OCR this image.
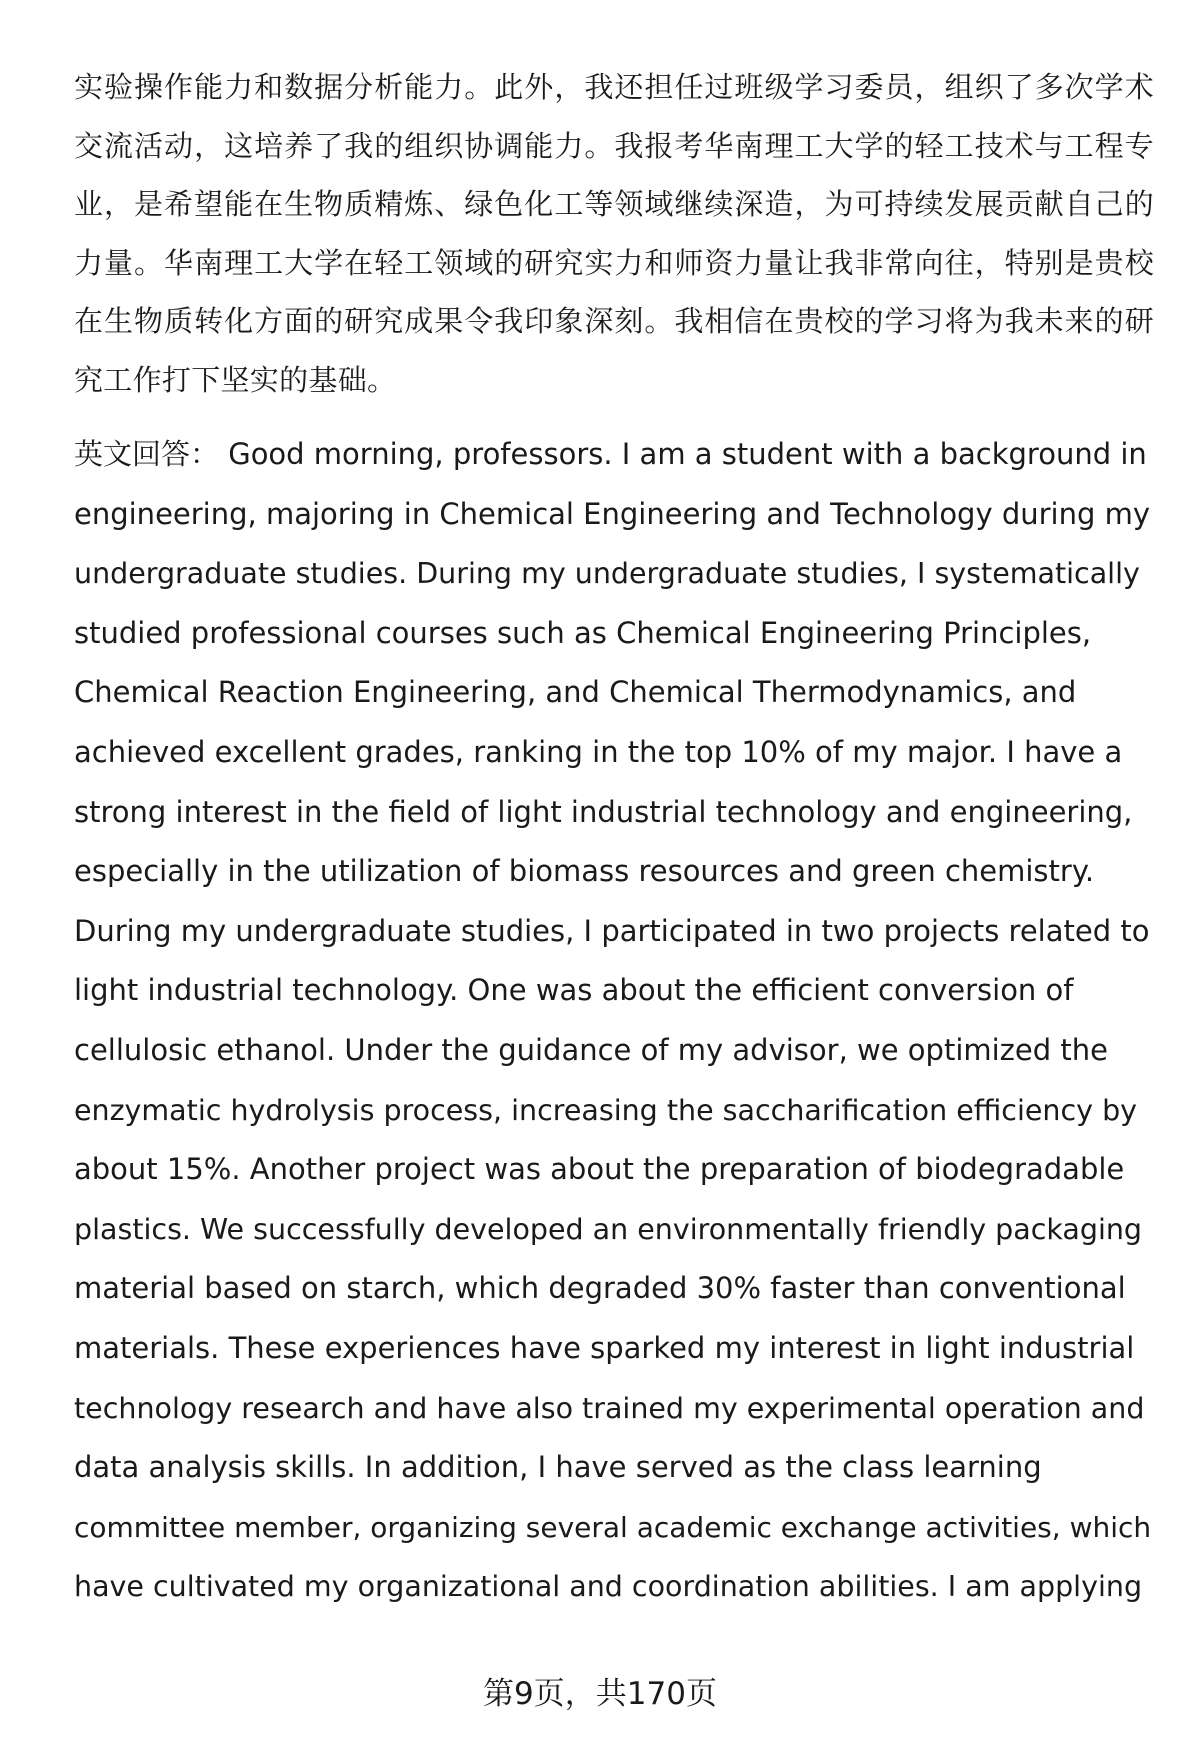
实验操作能力和数据分析能力。此外，我还担任过班级学习委员，组织了多次学术交流活动，这培养了我的组织协调能力。我报考华南理工大学的轻工技术与工程专业，是希望能在生物质精炼、绿色化工等领域继续深造，为可持续发展贡献自己的力量。华南理工大学在轻工领域的研究实力和师资力量让我非常向往，特别是贵校在生物质转化方面的研究成果令我印象深刻。我相信在贵校的学习将为我未来的研究工作打下坚实的基础。

英文回答： Good morning, professors. I am a student with a background in
engineering, majoring in Chemical Engineering and Technology during my
undergraduate studies. During my undergraduate studies, I systematically
studied professional courses such as Chemical Engineering Principles,
Chemical Reaction Engineering, and Chemical Thermodynamics, and
achieved excellent grades, ranking in the top 10% of my major. I have a
strong interest in the field of light industrial technology and engineering,
especially in the utilization of biomass resources and green chemistry.
During my undergraduate studies, I participated in two projects related to
light industrial technology. One was about the efficient conversion of
cellulosic ethanol. Under the guidance of my advisor, we optimized the
enzymatic hydrolysis process, increasing the saccharification efficiency by
about 15%. Another project was about the preparation of biodegradable
plastics. We successfully developed an environmentally friendly packaging
material based on starch, which degraded 30% faster than conventional
materials. These experiences have sparked my interest in light industrial
technology research and have also trained my experimental operation and
data analysis skills. In addition, I have served as the class learning
committee member, organizing several academic exchange activities, which
have cultivated my organizational and coordination abilities. I am applying

第9页，共170页
